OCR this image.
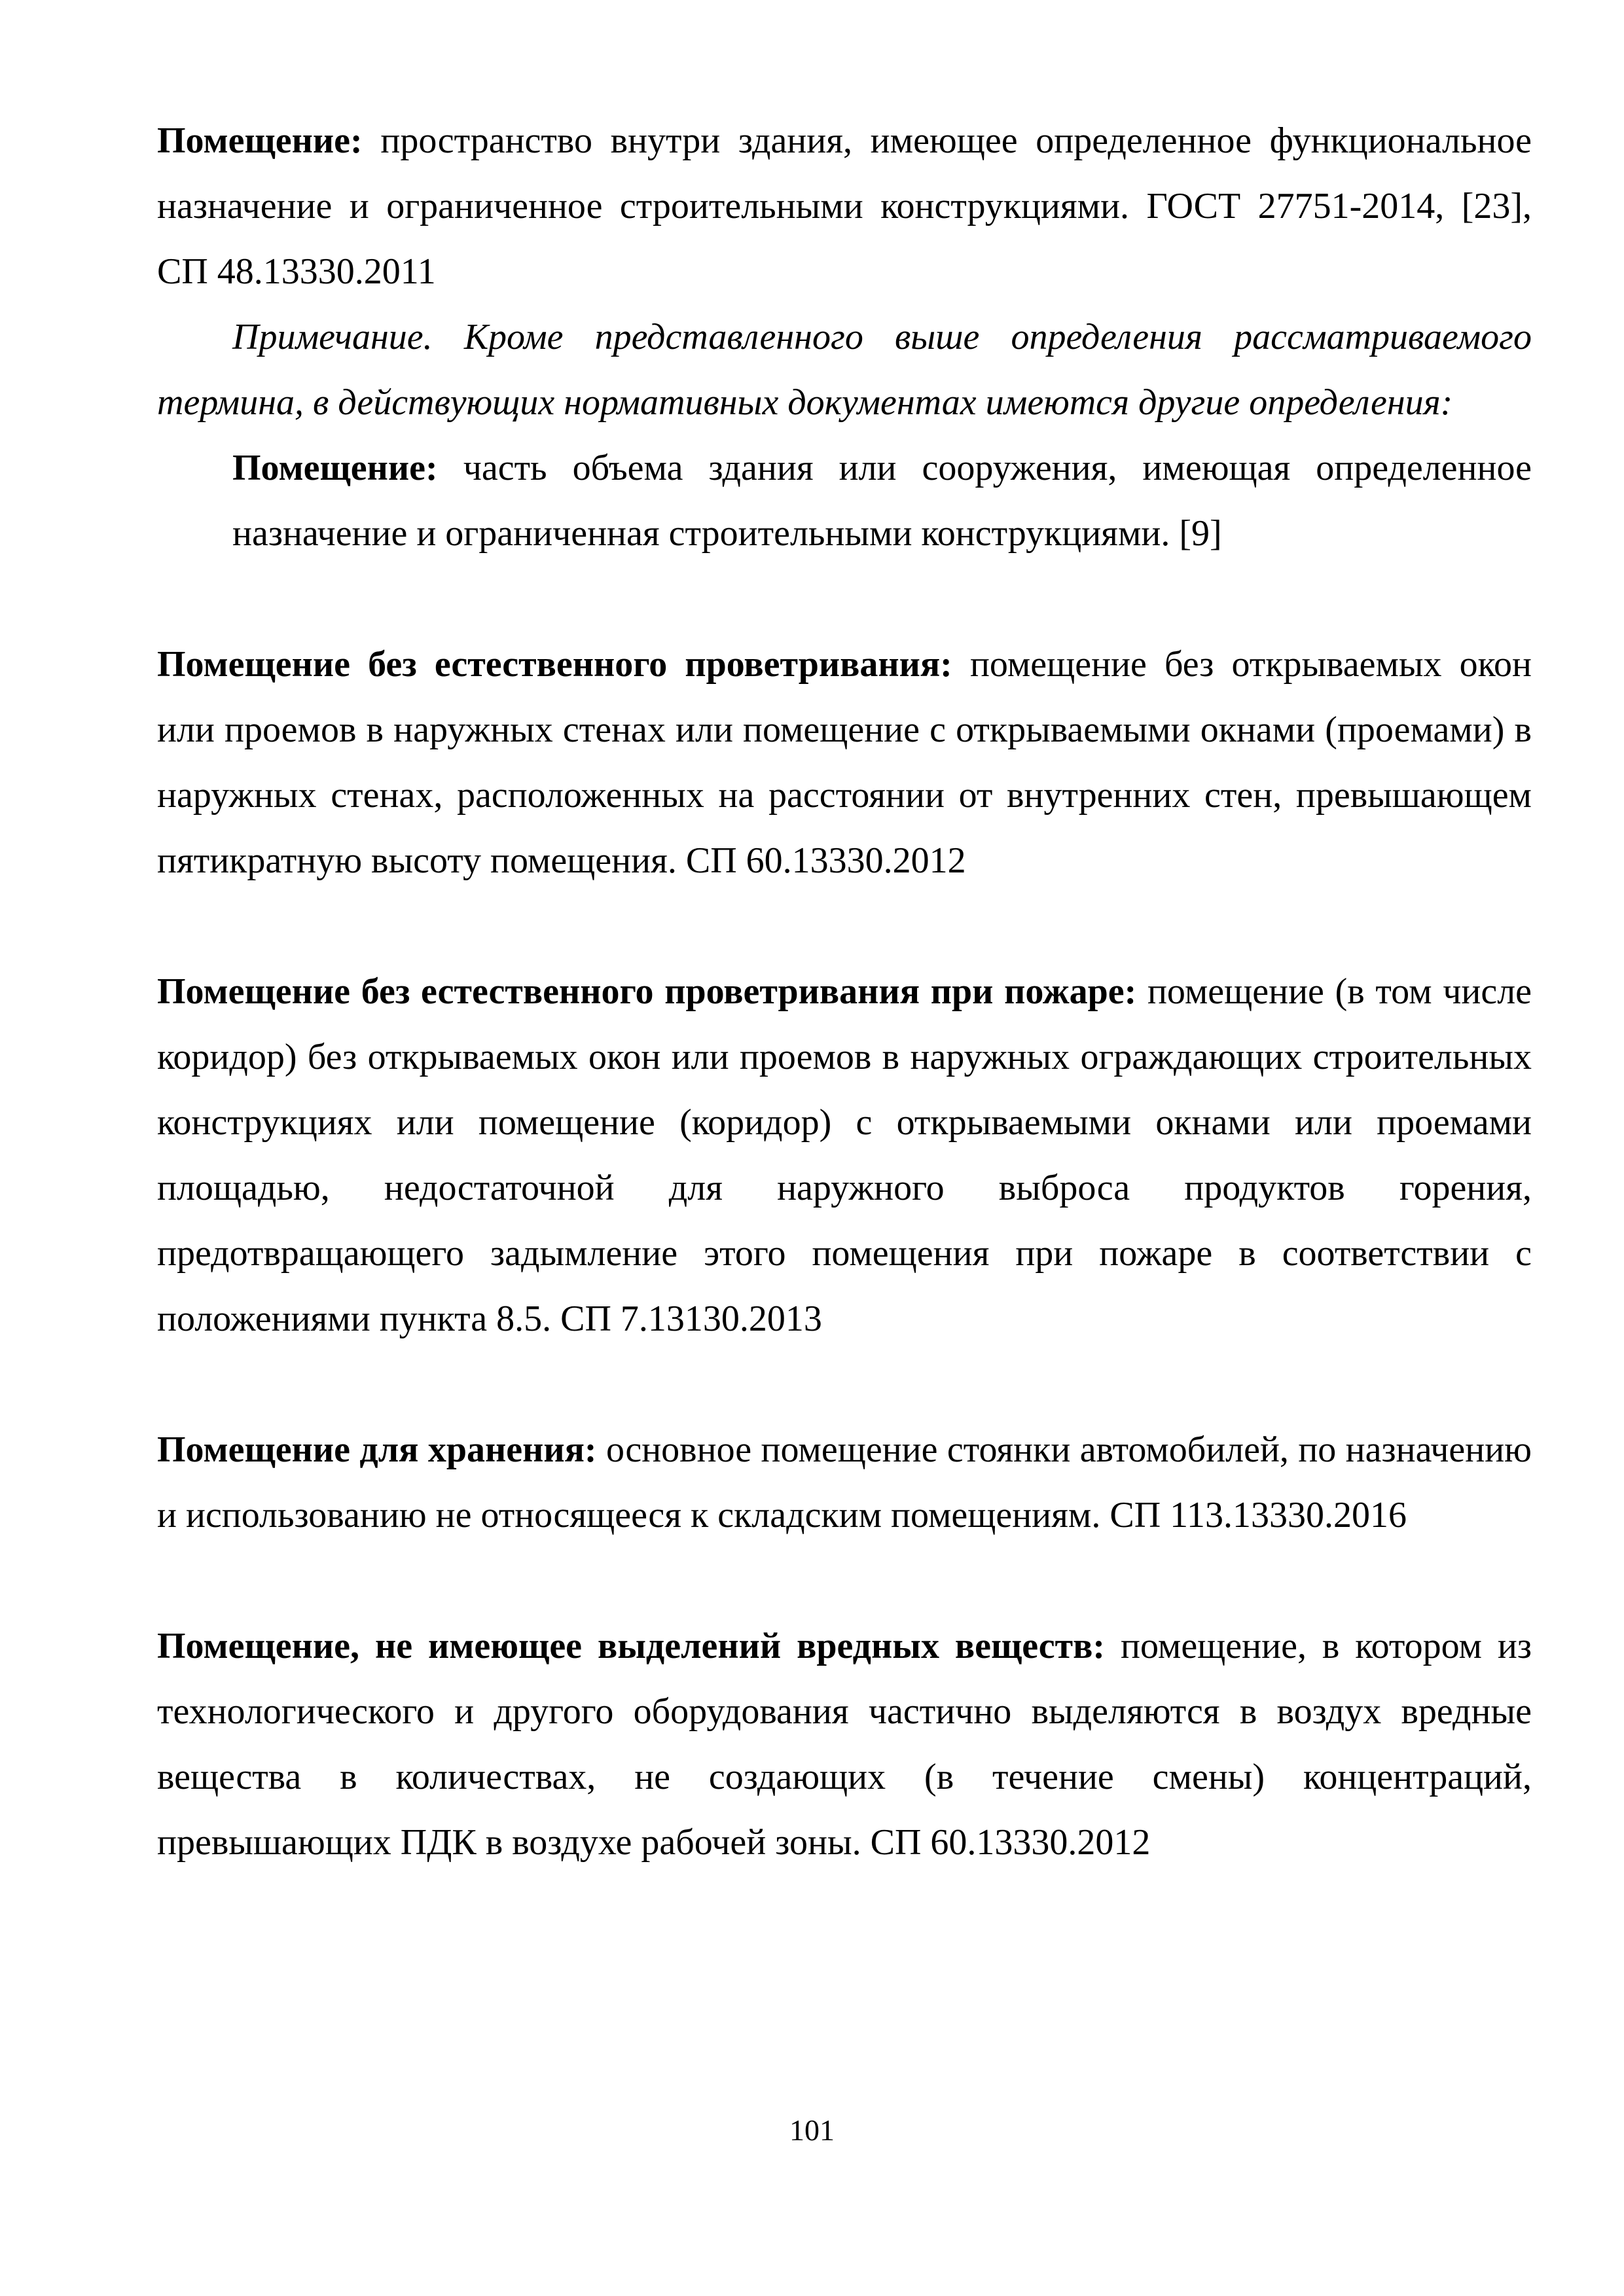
Помещение: пространство внутри здания, имеющее определенное функциональное назначение и ограниченное строительными конструкциями. ГОСТ 27751-2014, [23], СП 48.13330.2011

Примечание. Кроме представленного выше определения рассматриваемого термина, в действующих нормативных документах имеются другие определения:

Помещение: часть объема здания или сооружения, имеющая определенное назначение и ограниченная строительными конструкциями. [9]

Помещение без естественного проветривания: помещение без открываемых окон или проемов в наружных стенах или помещение с открываемыми окнами (проемами) в наружных стенах, расположенных на расстоянии от внутренних стен, превышающем пятикратную высоту помещения. СП 60.13330.2012

Помещение без естественного проветривания при пожаре: помещение (в том числе коридор) без открываемых окон или проемов в наружных ограждающих строительных конструкциях или помещение (коридор) с открываемыми окнами или проемами площадью, недостаточной для наружного выброса продуктов горения, предотвращающего задымление этого помещения при пожаре в соответствии с положениями пункта 8.5. СП 7.13130.2013

Помещение для хранения: основное помещение стоянки автомобилей, по назначению и использованию не относящееся к складским помещениям. СП 113.13330.2016

Помещение, не имеющее выделений вредных веществ: помещение, в котором из технологического и другого оборудования частично выделяются в воздух вредные вещества в количествах, не создающих (в течение смены) концентраций, превышающих ПДК в воздухе рабочей зоны. СП 60.13330.2012

101
